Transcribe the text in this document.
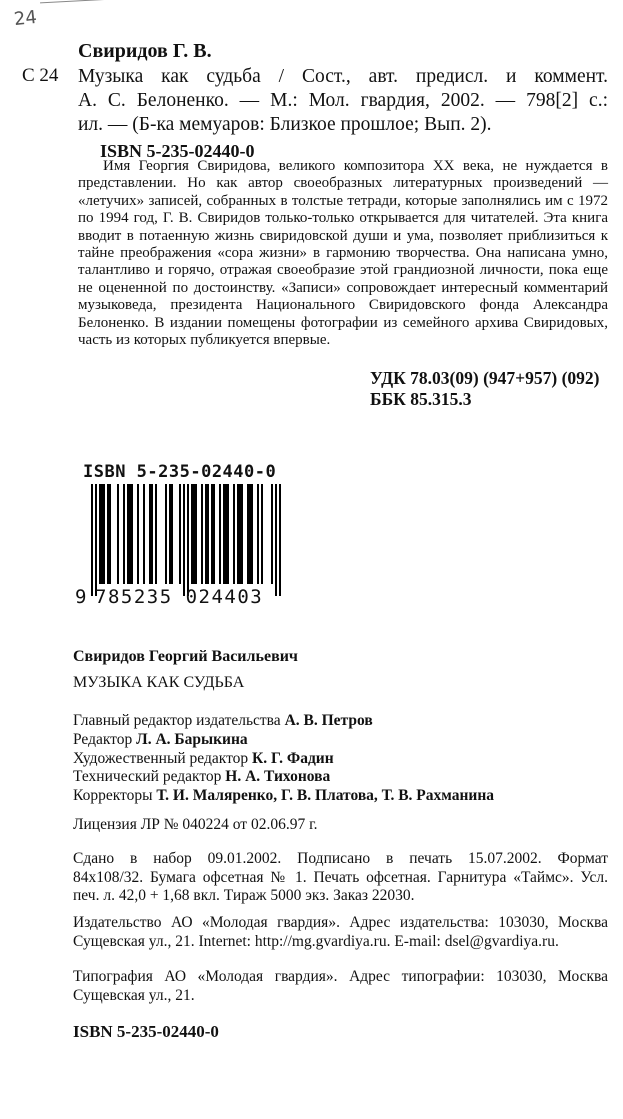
24
Свиридов Г. В.
С 24 Музыка как судьба / Сост., авт. предисл. и коммент.
А. С. Белоненко. — М.: Мол. гвардия, 2002. — 798[2] с.:
ил. — (Б-ка мемуаров: Близкое прошлое; Вып. 2).
ISBN 5-235-02440-0
Имя Георгия Свиридова, великого композитора XX века, не нуждается в представлении. Но как автор своеобразных литературных произведений — «летучих» записей, собранных в толстые тетради, которые заполнялись им с 1972 по 1994 год, Г. В. Свиридов только-только открывается для читателей. Эта книга вводит в потаенную жизнь свиридовской души и ума, позволяет приблизиться к тайне преображения «сора жизни» в гармонию творчества. Она написана умно, талантливо и горячо, отражая своеобразие этой грандиозной личности, пока еще не оцененной по достоинству. «Записи» сопровождает интересный комментарий музыковеда, президента Национального Свиридовского фонда Александра Белоненко. В издании помещены фотографии из семейного архива Свиридовых, часть из которых публикуется впервые.
УДК 78.03(09) (947+957) (092)
ББК 85.315.3
ISBN 5-235-02440-0
9 785235 024403
Свиридов Георгий Васильевич
МУЗЫКА КАК СУДЬБА
Главный редактор издательства А. В. Петров
Редактор Л. А. Барыкина
Художественный редактор К. Г. Фадин
Технический редактор Н. А. Тихонова
Корректоры Т. И. Маляренко, Г. В. Платова, Т. В. Рахманина
Лицензия ЛР № 040224 от 02.06.97 г.
Сдано в набор 09.01.2002. Подписано в печать 15.07.2002. Формат
84x108/32. Бумага офсетная № 1. Печать офсетная. Гарнитура «Таймс». Усл.
печ. л. 42,0 + 1,68 вкл. Тираж 5000 экз. Заказ 22030.
Издательство АО «Молодая гвардия». Адрес издательства: 103030, Москва
Сущевская ул., 21. Internet: http://mg.gvardiya.ru. E-mail: dsel@gvardiya.ru.
Типография АО «Молодая гвардия». Адрес типографии: 103030, Москва
Сущевская ул., 21.
ISBN 5-235-02440-0
